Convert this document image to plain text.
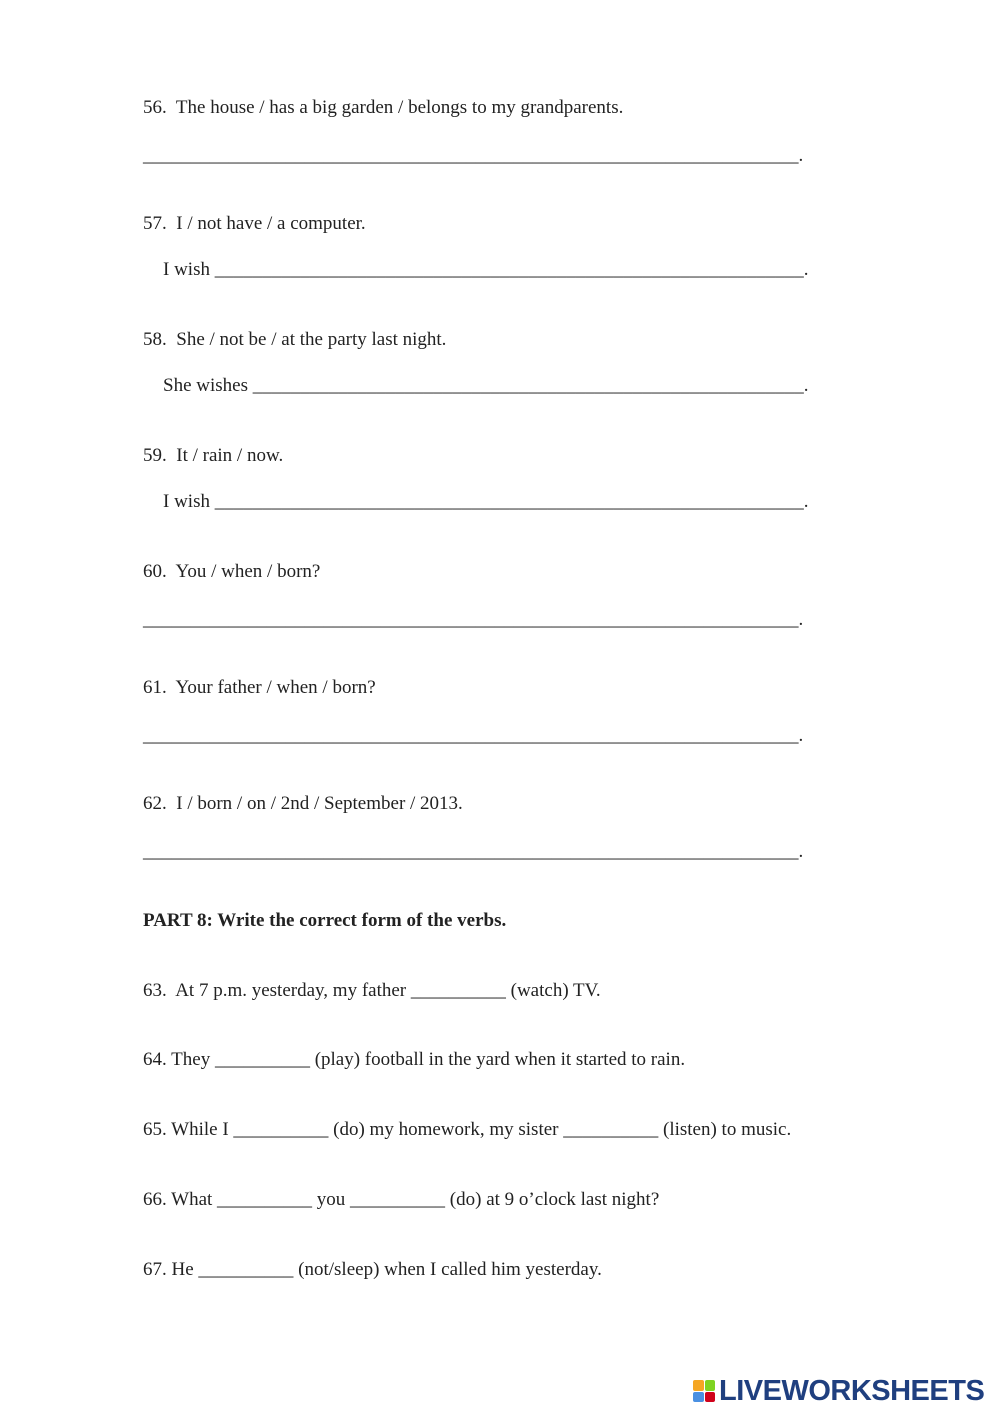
56.  The house / has a big garden / belongs to my grandparents.

_____________________________________________________________________.

57.  I / not have / a computer.

I wish ______________________________________________________________.

58.  She / not be / at the party last night.

She wishes __________________________________________________________.

59.  It / rain / now.

I wish ______________________________________________________________.

60.  You / when / born?

_____________________________________________________________________.

61.  Your father / when / born?

_____________________________________________________________________.

62.  I / born / on / 2nd / September / 2013.

_____________________________________________________________________.

PART 8: Write the correct form of the verbs.

63.  At 7 p.m. yesterday, my father __________ (watch) TV.

64. They __________ (play) football in the yard when it started to rain.

65. While I __________ (do) my homework, my sister __________ (listen) to music.

66. What __________ you __________ (do) at 9 o’clock last night?

67. He __________ (not/sleep) when I called him yesterday.

LIVEWORKSHEETS
